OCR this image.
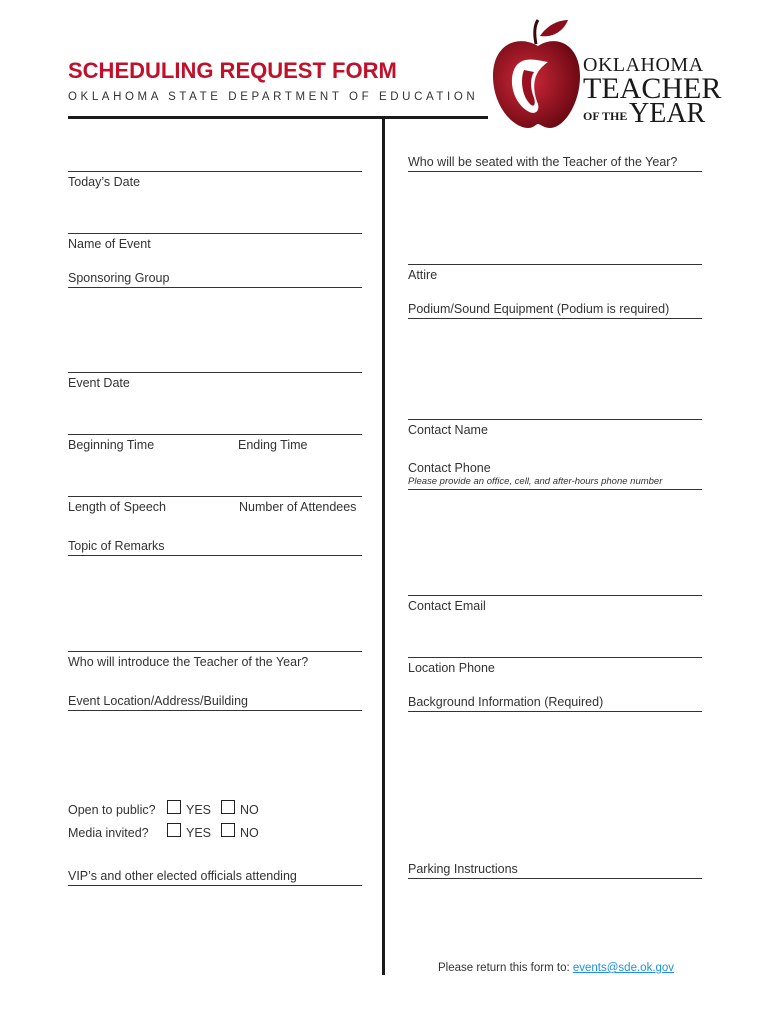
SCHEDULING REQUEST FORM
OKLAHOMA STATE DEPARTMENT OF EDUCATION
OKLAHOMA
TEACHER
OF THE YEAR
Today’s Date
Name of Event
Sponsoring Group
Event Date
Beginning Time	Ending Time
Length of Speech	Number of Attendees
Topic of Remarks
Who will introduce the Teacher of the Year?
Event Location/Address/Building
Open to public? YES NO
Media invited?	YES NO
VIP’s and other elected officials attending
Who will be seated with the Teacher of the Year?
Attire
Podium/Sound Equipment (Podium is required)
Contact Name
Contact Phone
Please provide an office, cell, and after-hours phone number
Contact Email
Location Phone
Background Information (Required)
Parking Instructions
Please return this form to: events@sde.ok.gov
